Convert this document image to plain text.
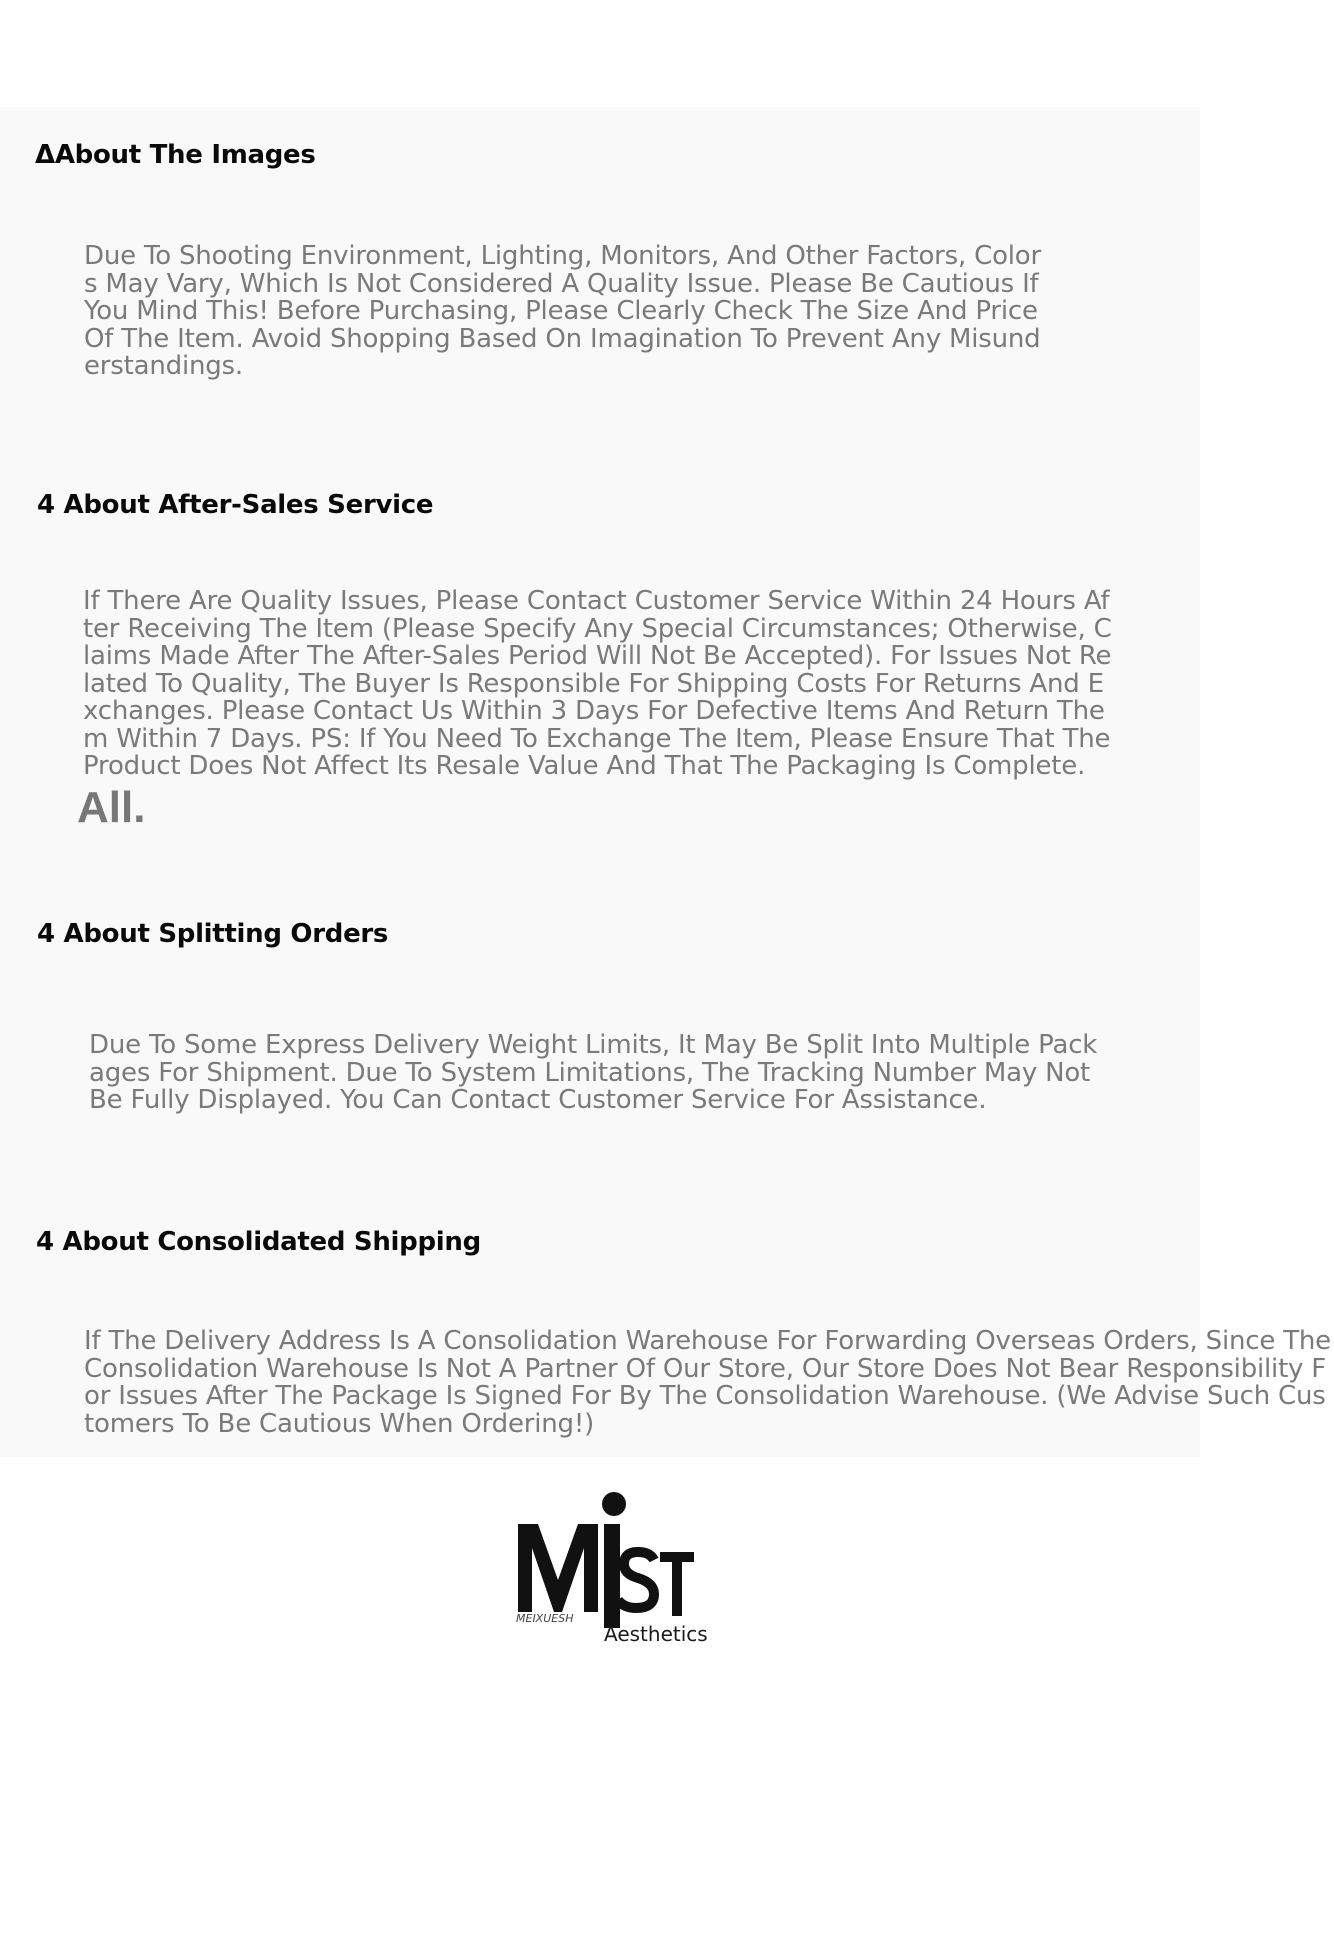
ΔAbout The Images

Due To Shooting Environment, Lighting, Monitors, And Other Factors, Colors May Vary, Which Is Not Considered A Quality Issue. Please Be Cautious If You Mind This! Before Purchasing, Please Clearly Check The Size And Price Of The Item. Avoid Shopping Based On Imagination To Prevent Any Misunderstandings.

4 About After-Sales Service

If There Are Quality Issues, Please Contact Customer Service Within 24 Hours After Receiving The Item (Please Specify Any Special Circumstances; Otherwise, Claims Made After The After-Sales Period Will Not Be Accepted). For Issues Not Related To Quality, The Buyer Is Responsible For Shipping Costs For Returns And Exchanges. Please Contact Us Within 3 Days For Defective Items And Return Them Within 7 Days. PS: If You Need To Exchange The Item, Please Ensure That The Product Does Not Affect Its Resale Value And That The Packaging Is Complete.

All.

4 About Splitting Orders

Due To Some Express Delivery Weight Limits, It May Be Split Into Multiple Packages For Shipment. Due To System Limitations, The Tracking Number May Not Be Fully Displayed. You Can Contact Customer Service For Assistance.

4 About Consolidated Shipping

If The Delivery Address Is A Consolidation Warehouse For Forwarding Overseas Orders, Since The Consolidation Warehouse Is Not A Partner Of Our Store, Our Store Does Not Bear Responsibility For Issues After The Package Is Signed For By The Consolidation Warehouse. (We Advise Such Customers To Be Cautious When Ordering!)

MEIXUESH
Aesthetics
